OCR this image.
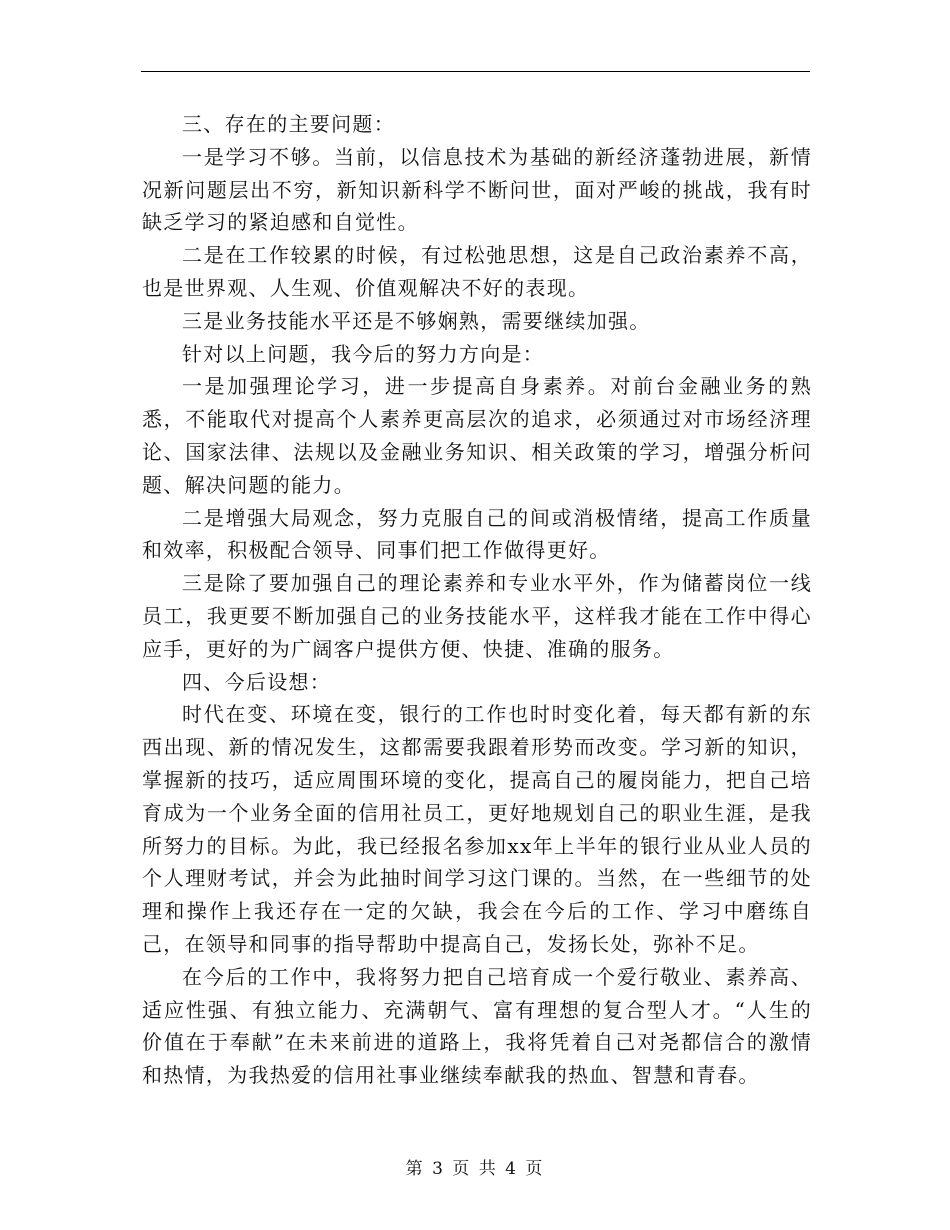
三、存在的主要问题：

一是学习不够。当前，以信息技术为基础的新经济蓬勃进展，新情况新问题层出不穷，新知识新科学不断问世，面对严峻的挑战，我有时缺乏学习的紧迫感和自觉性。

二是在工作较累的时候，有过松弛思想，这是自己政治素养不高，也是世界观、人生观、价值观解决不好的表现。

三是业务技能水平还是不够娴熟，需要继续加强。

针对以上问题，我今后的努力方向是：

一是加强理论学习，进一步提高自身素养。对前台金融业务的熟悉，不能取代对提高个人素养更高层次的追求，必须通过对市场经济理论、国家法律、法规以及金融业务知识、相关政策的学习，增强分析问题、解决问题的能力。

二是增强大局观念，努力克服自己的间或消极情绪，提高工作质量和效率，积极配合领导、同事们把工作做得更好。

三是除了要加强自己的理论素养和专业水平外，作为储蓄岗位一线员工，我更要不断加强自己的业务技能水平，这样我才能在工作中得心应手，更好的为广阔客户提供方便、快捷、准确的服务。

四、今后设想：

时代在变、环境在变，银行的工作也时时变化着，每天都有新的东西出现、新的情况发生，这都需要我跟着形势而改变。学习新的知识，掌握新的技巧，适应周围环境的变化，提高自己的履岗能力，把自己培育成为一个业务全面的信用社员工，更好地规划自己的职业生涯，是我所努力的目标。为此，我已经报名参加xx年上半年的银行业从业人员的个人理财考试，并会为此抽时间学习这门课的。当然，在一些细节的处理和操作上我还存在一定的欠缺，我会在今后的工作、学习中磨练自己，在领导和同事的指导帮助中提高自己，发扬长处，弥补不足。

在今后的工作中，我将努力把自己培育成一个爱行敬业、素养高、适应性强、有独立能力、充满朝气、富有理想的复合型人才。“人生的价值在于奉献”在未来前进的道路上，我将凭着自己对尧都信合的激情和热情，为我热爱的信用社事业继续奉献我的热血、智慧和青春。

第 3 页 共 4 页
